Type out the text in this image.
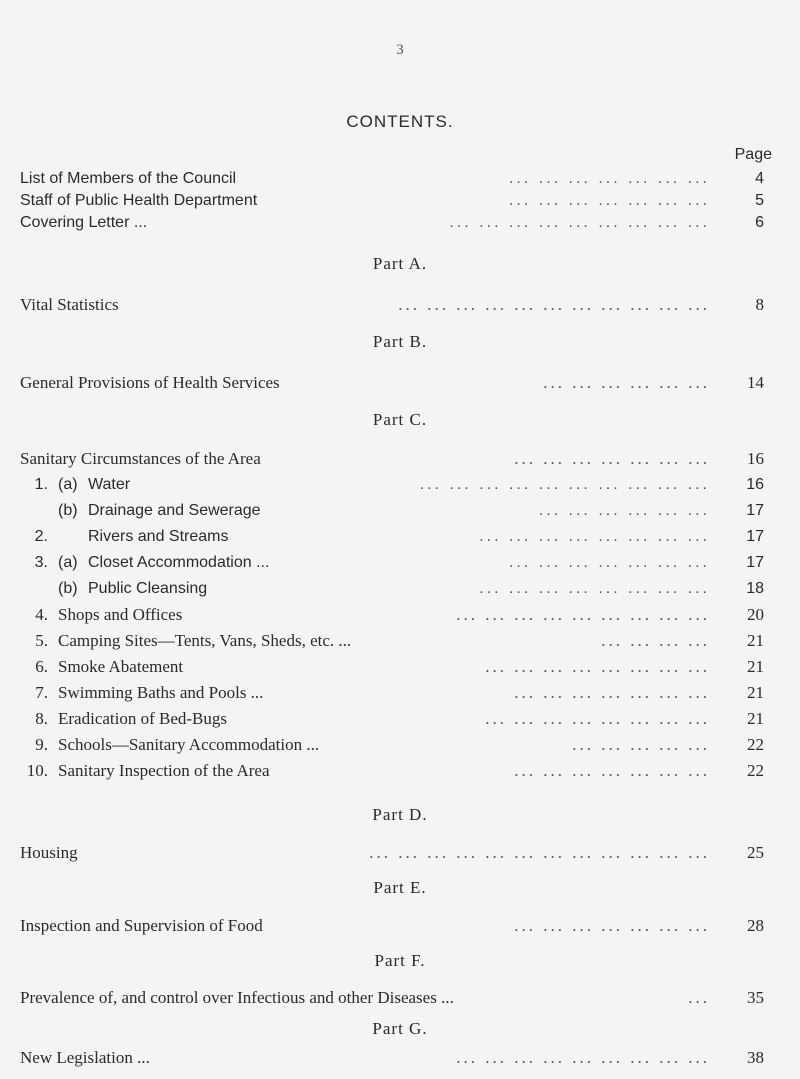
3
CONTENTS.
Page
List of Members of the Council	... ... ... ... ... ... ...	4
Staff of Public Health Department	... ... ... ... ... ... ...	5
Covering Letter ...	... ... ... ... ... ... ... ... ...	6
Part A.
Vital Statistics	... ... ... ... ... ... ... ... ... ... ...	8
Part B.
General Provisions of Health Services	... ... ... ... ... ...	14
Part C.
Sanitary Circumstances of the Area	... ... ... ... ... ... ...	16
1. (a) Water	... ... ... ... ... ... ... ... ... ...	16
(b) Drainage and Sewerage	... ... ... ... ... ...	17
2.	Rivers and Streams	... ... ... ... ... ... ... ...	17
3. (a) Closet Accommodation ...	... ... ... ... ... ... ...	17
(b) Public Cleansing	... ... ... ... ... ... ... ...	18
4. Shops and Offices	... ... ... ... ... ... ... ... ...	20
5. Camping Sites—Tents, Vans, Sheds, etc. ...	... ... ... ...	21
6. Smoke Abatement	... ... ... ... ... ... ... ...	21
7. Swimming Baths and Pools ...	... ... ... ... ... ... ...	21
8. Eradication of Bed-Bugs	... ... ... ... ... ... ... ...	21
9. Schools—Sanitary Accommodation ...	... ... ... ... ...	22
10. Sanitary Inspection of the Area	... ... ... ... ... ... ...	22
Part D.
Housing	... ... ... ... ... ... ... ... ... ... ... ...	25
Part E.
Inspection and Supervision of Food	... ... ... ... ... ... ...	28
Part F.
Prevalence of, and control over Infectious and other Diseases ...	...	35
Part G.
New Legislation ...	... ... ... ... ... ... ... ... ...	38
